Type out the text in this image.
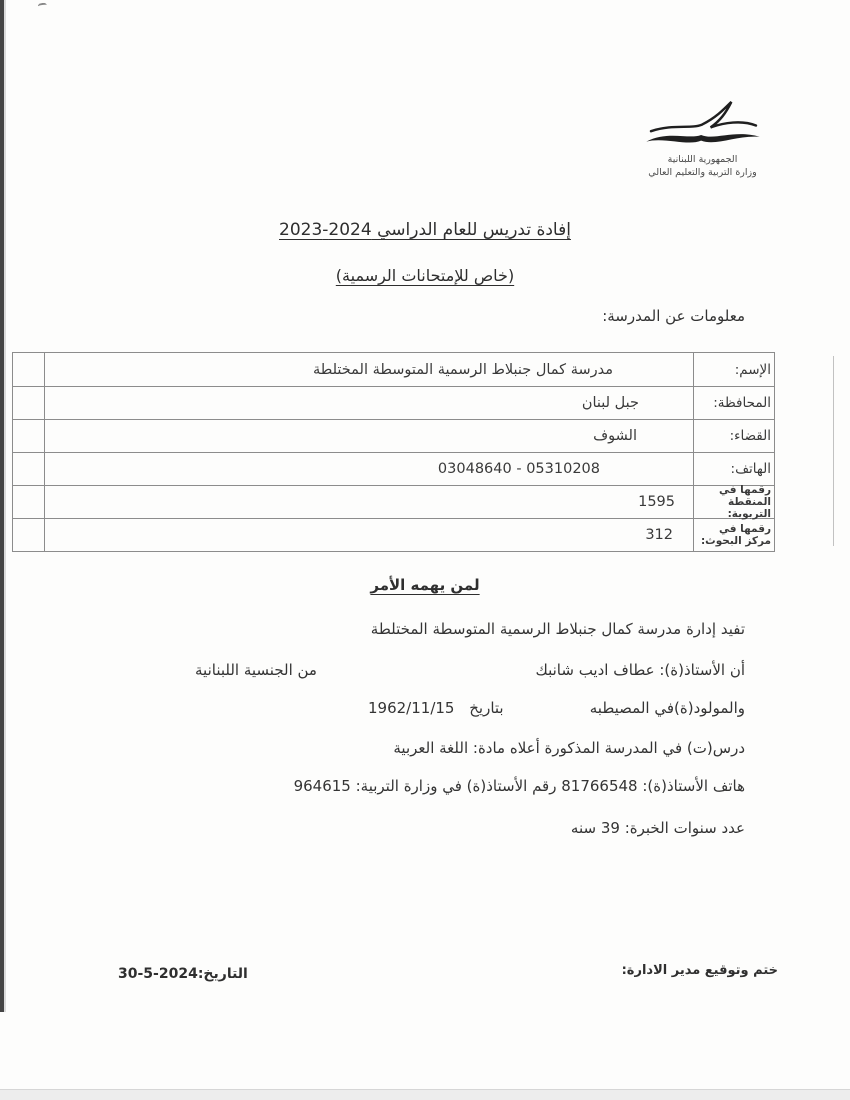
الجمهورية اللبنانية
وزارة التربية والتعليم العالي
إفادة تدريس للعام الدراسي 2024-2023
(خاص للإمتحانات الرسمية)
معلومات عن المدرسة:
الإسم:
مدرسة كمال جنبلاط الرسمية المتوسطة المختلطة
المحافظة:
جبل لبنان
القضاء:
الشوف
الهاتف:
05310208 - 03048640
رقمها في المنقطة التربوية:
1595
رقمها في مركز البحوث:
312
لمن يهمه الأمر
تفيد إدارة مدرسة كمال جنبلاط الرسمية المتوسطة المختلطة
أن الأستاذ(ة): عطاف اديب شانبك
من الجنسية اللبنانية
والمولود(ة)في المصيطبه
بتاريخ 1962/11/15
درس(ت) في المدرسة المذكورة أعلاه مادة: اللغة العربية
هاتف الأستاذ(ة): 81766548 رقم الأستاذ(ة) في وزارة التربية: 964615
عدد سنوات الخبرة: 39 سنه
ختم وتوقيع مدير الادارة:
التاريخ:2024-5-30
